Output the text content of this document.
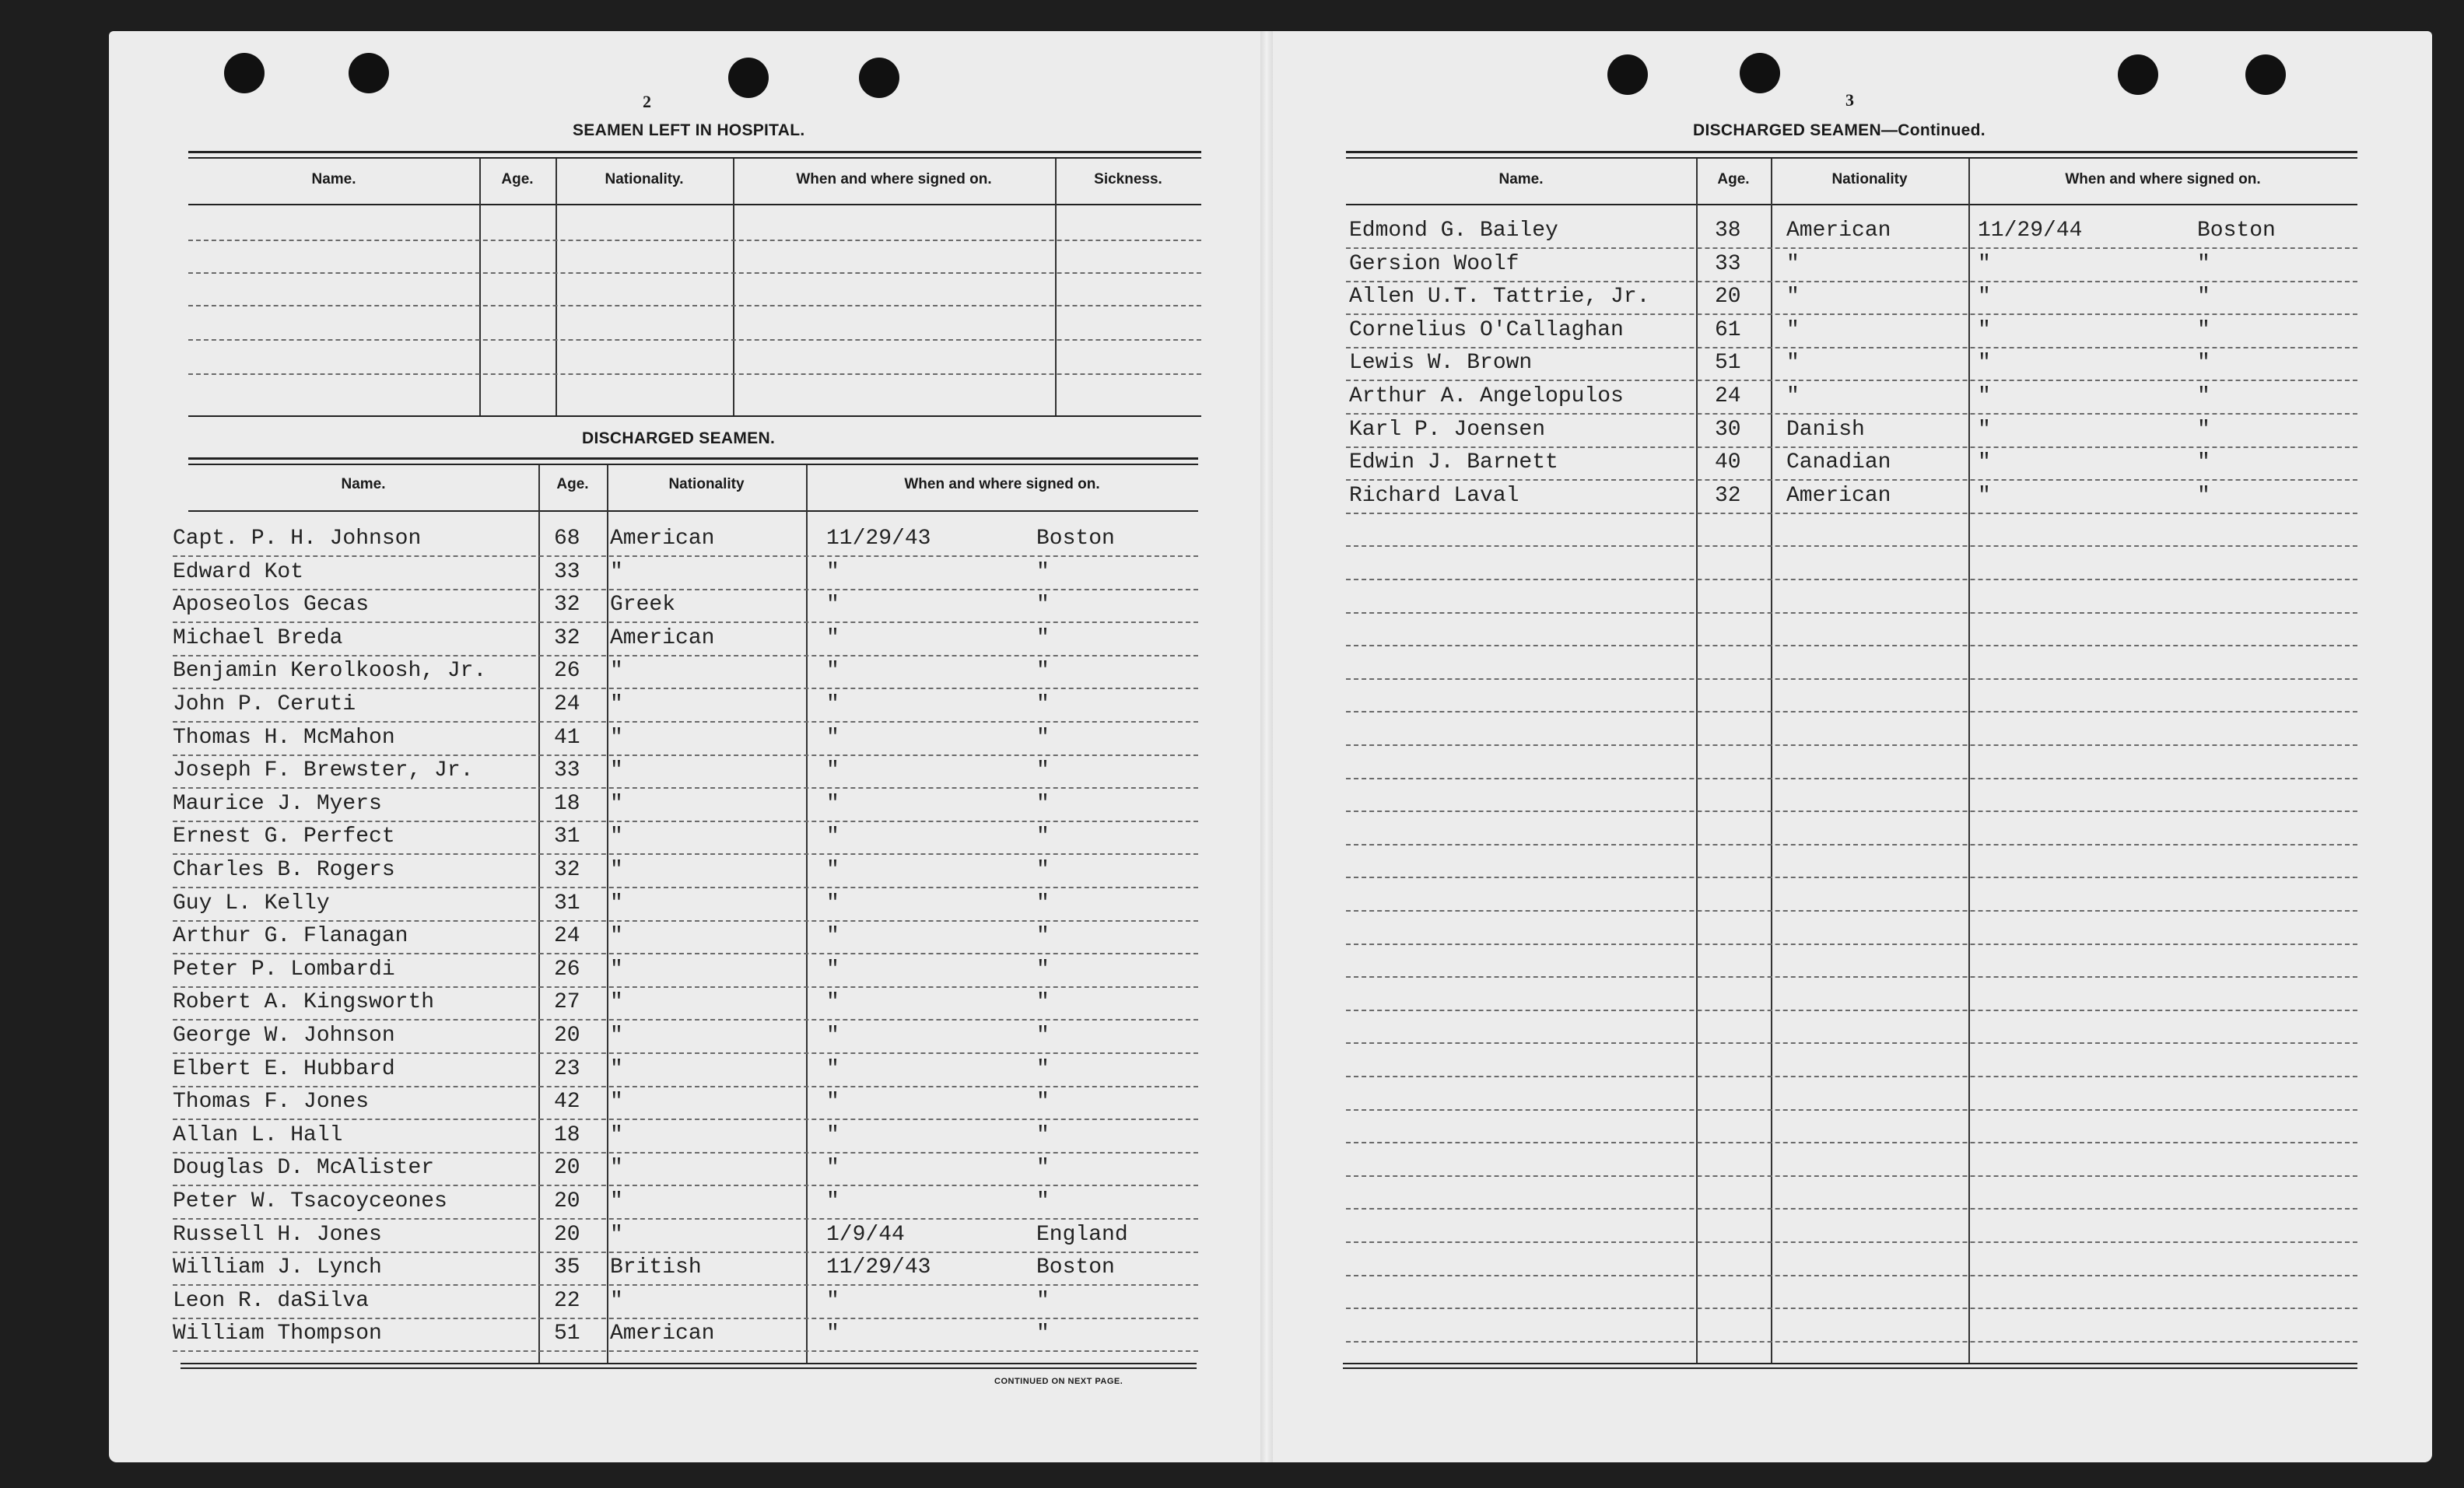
2
SEAMEN LEFT IN HOSPITAL.
Name.	Age.	Nationality.	When and where signed on.	Sickness.
DISCHARGED SEAMEN.
Name.	Age.	Nationality	When and where signed on.
Capt. P. H. Johnson	68 American	11/29/43	Boston
Edward Kot	33 "	"	"
Aposeolos Gecas	32 Greek	"	"
Michael Breda	32 American	"	"
Benjamin Kerolkoosh, Jr.	26 "	"	"
John P. Ceruti	24 "	"	"
Thomas H. McMahon	41 "	"	"
Joseph F. Brewster, Jr.	33 "	"	"
Maurice J. Myers	18 "	"	"
Ernest G. Perfect	31 "	"	"
Charles B. Rogers	32 "	"	"
Guy L. Kelly	31 "	"	"
Arthur G. Flanagan	24 "	"	"
Peter P. Lombardi	26 "	"	"
Robert A. Kingsworth	27 "	"	"
George W. Johnson	20 "	"	"
Elbert E. Hubbard	23 "	"	"
Thomas F. Jones	42 "	"	"
Allan L. Hall	18 "	"	"
Douglas D. McAlister	20 "	"	"
Peter W. Tsacoyceones	20 "	"	"
Russell H. Jones	20 "	1/9/44	England
William J. Lynch	35 British	11/29/43	Boston
Leon R. daSilva	22 "	"	"
William Thompson	51 American	"	"
CONTINUED ON NEXT PAGE.
3
DISCHARGED SEAMEN—Continued.
Name.	Age.	Nationality	When and where signed on.
Edmond G. Bailey	38 American	11/29/44	Boston
Gersion Woolf	33 "	"	"
Allen U.T. Tattrie, Jr.	20 "	"	"
Cornelius O'Callaghan	61 "	"	"
Lewis W. Brown	51 "	"	"
Arthur A. Angelopulos	24 "	"	"
Karl P. Joensen	30 Danish	"	"
Edwin J. Barnett	40 Canadian	"	"
Richard Laval	32 American	"	"
